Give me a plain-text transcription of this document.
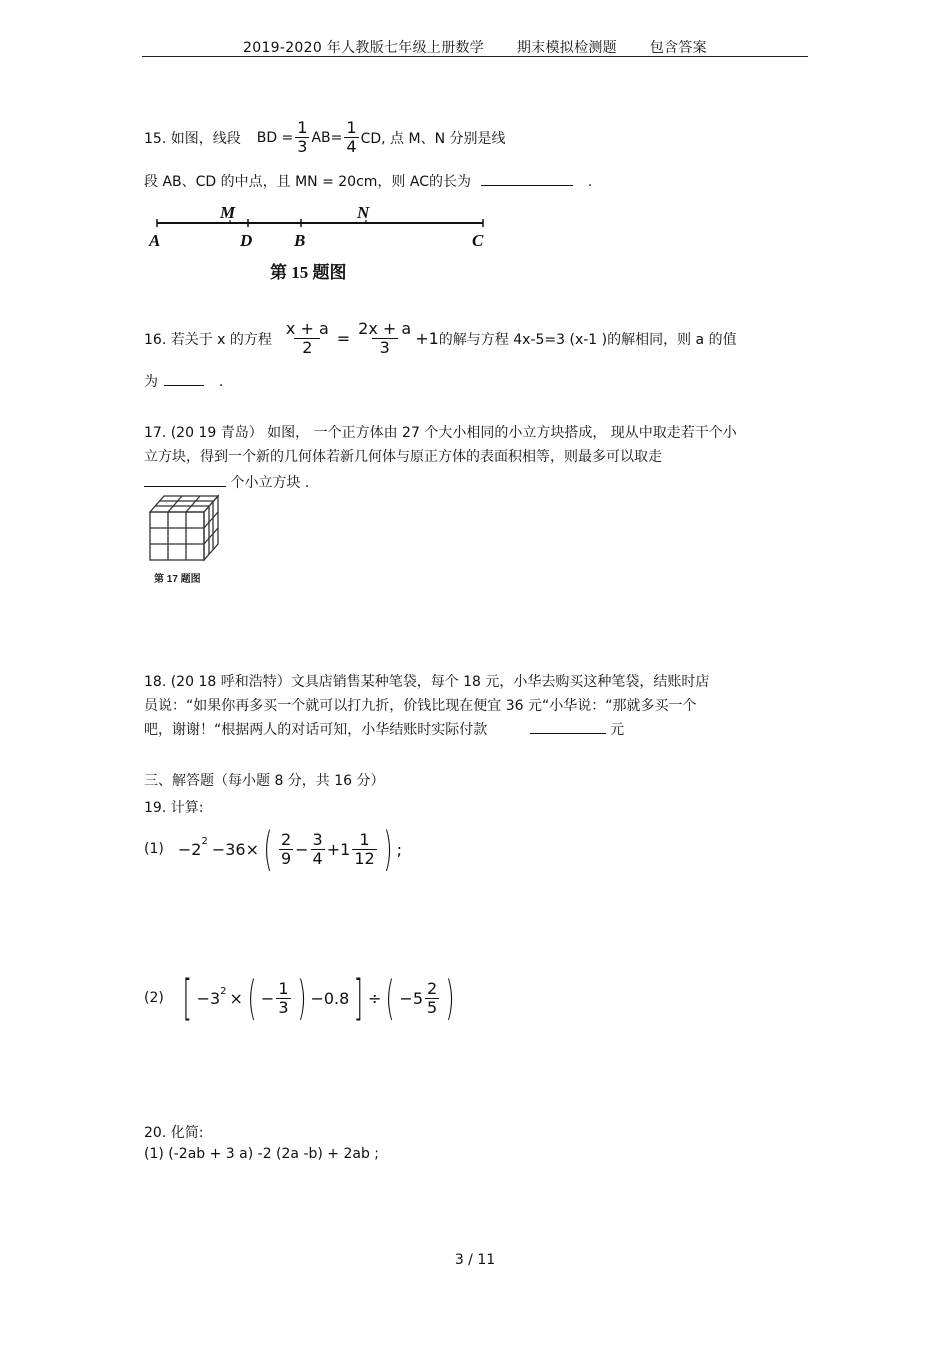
2019-2020 年人教版七年级上册数学 期末模拟检测题 包含答案
15. 如图，线段 BD = $\frac{1}{3} AB= \frac{1}{4}$ CD, 点 M、N 分别是线
段 AB、CD 的中点，且 MN = 20cm，则 AC的长为	.
M	N
A	D B	C
第 15 题图
16. 若关于 x 的方程 $\frac{x + a}{2} = \frac{2x + a}{3} +1$ 的解与方程 4x-5=3 (x-1 )的解相同，则 a 的值
为	.
17. (20 19 青岛） 如图， 一个正方体由 27 个大小相同的小立方块搭成， 现从中取走若干个小
立方块，得到一个新的几何体若新几何体与原正方体的表面积相等，则最多可以取走
个小立方块 .
第 17 题图
18. (20 18 呼和浩特）文具店销售某种笔袋，每个 18 元，小华去购买这种笔袋，结账时店
员说：“如果你再多买一个就可以打九折，价钱比现在便宜 36 元“小华说：“那就多买一个
吧，谢谢！“根据两人的对话可知，小华结账时实际付款	元
三、解答题（每小题 8 分，共 16 分）
19. 计算:
$(1) -2^2 -36\times$ ( $\frac{2}{9} - \frac{3}{4} +1 \frac{1}{12}$ ) ;
(2) [ $-3^2$ × ( − $\frac{1}{3}$ ) −0.8 ] ÷ ( $-5 \frac{2}{5}$ )
20. 化简:
(1) (-2ab + 3 a) -2 (2a -b) + 2ab ;
3 / 11
